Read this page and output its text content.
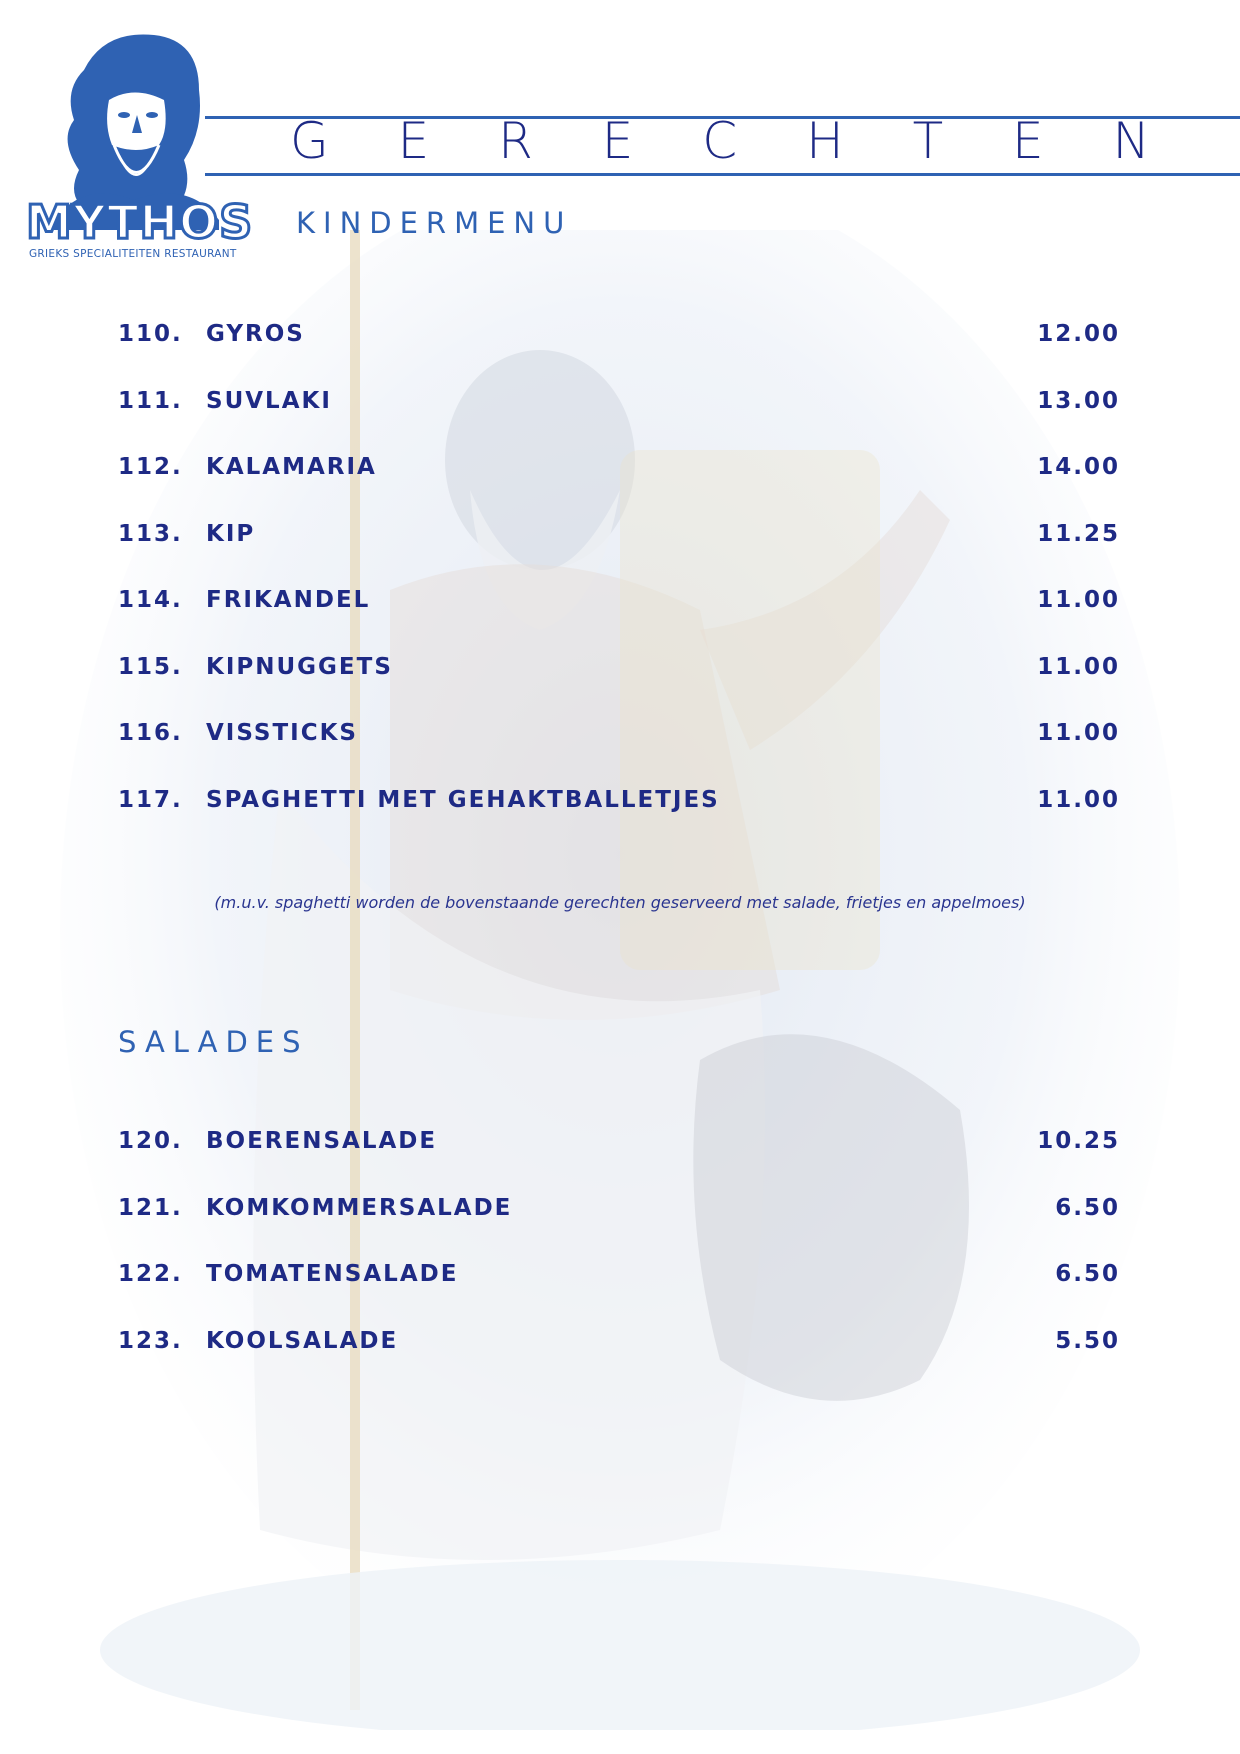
MYTHOS
GRIEKS SPECIALITEITEN RESTAURANT
G E R E C H T E N
KINDERMENU
110. GYROS	12.00
111. SUVLAKI	13.00
112. KALAMARIA	14.00
113. KIP	11.25
114. FRIKANDEL	11.00
115. KIPNUGGETS	11.00
116. VISSTICKS	11.00
117. SPAGHETTI MET GEHAKTBALLETJES	11.00
(m.u.v. spaghetti worden de bovenstaande gerechten geserveerd met salade, frietjes en appelmoes)
SALADES
120. BOERENSALADE	10.25
121. KOMKOMMERSALADE	6.50
122. TOMATENSALADE	6.50
123. KOOLSALADE	5.50
